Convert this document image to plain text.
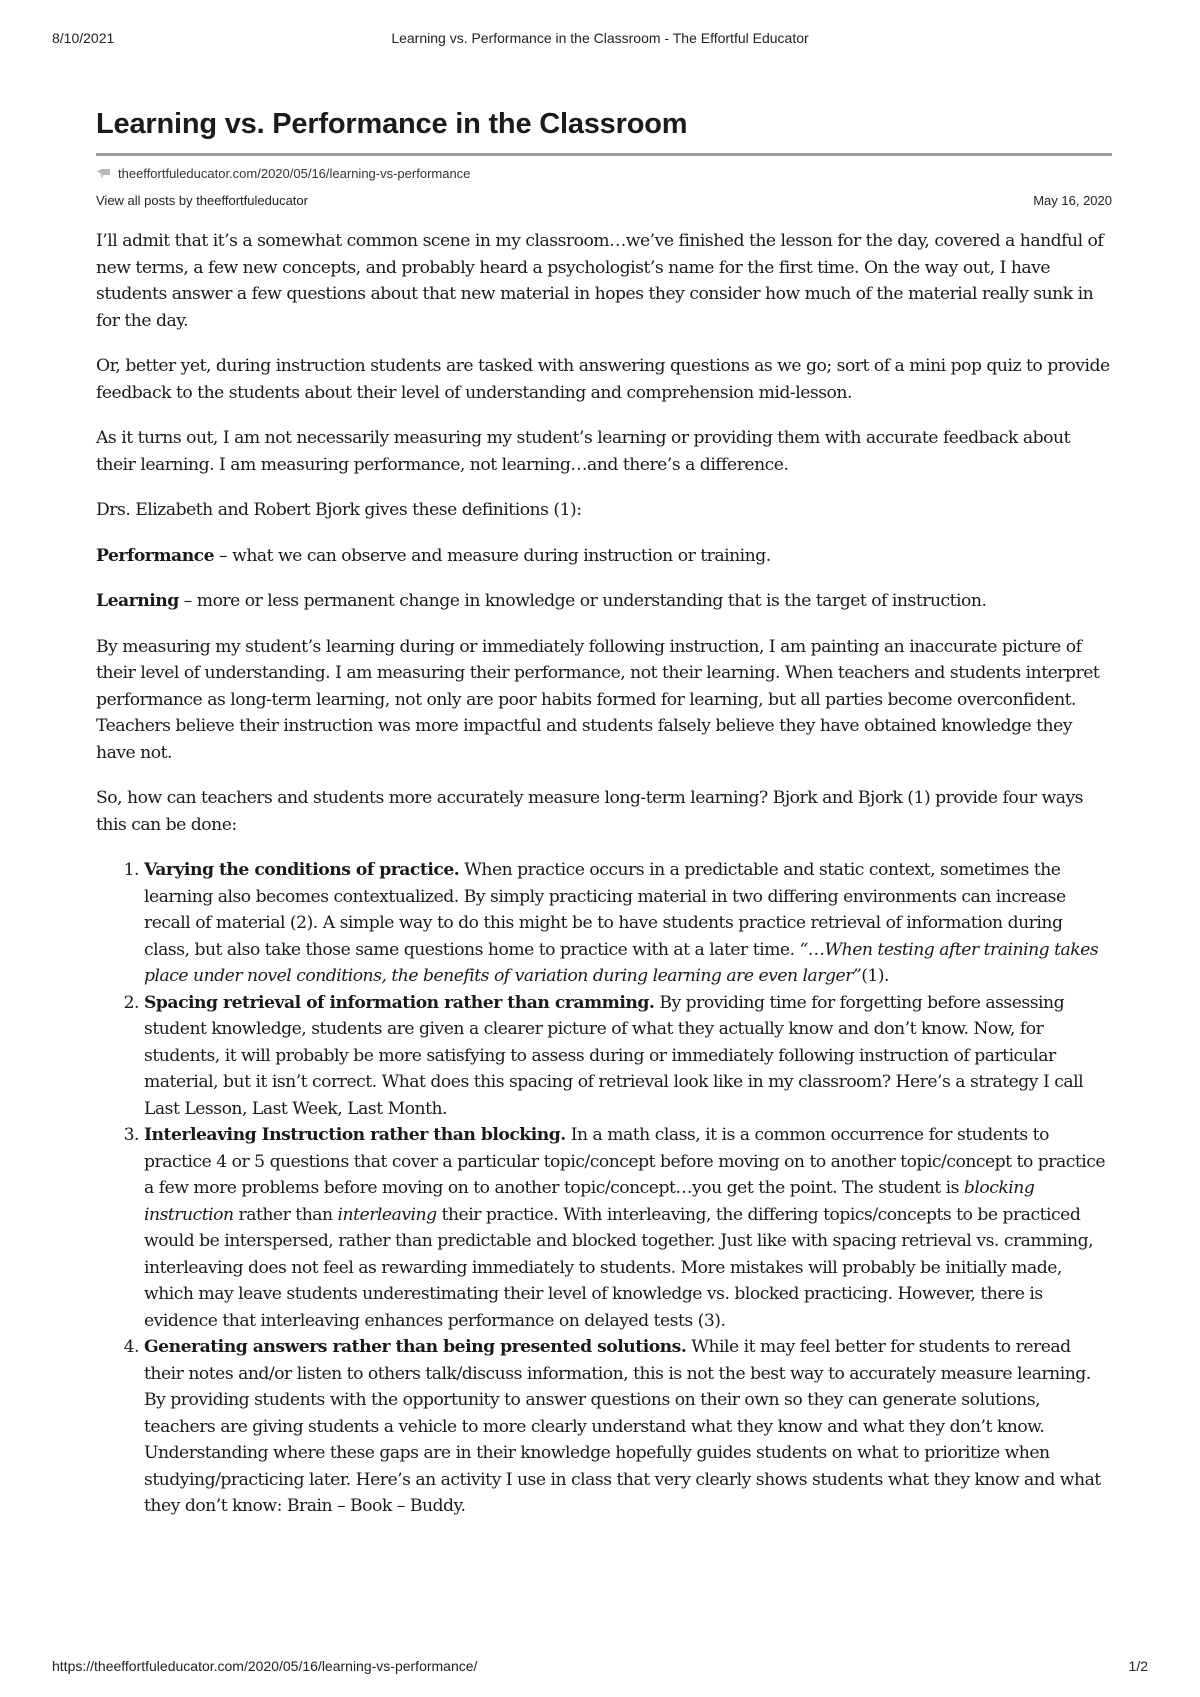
8/10/2021	Learning vs. Performance in the Classroom - The Effortful Educator
Learning vs. Performance in the Classroom
theeffortfuleducator.com/2020/05/16/learning-vs-performance
View all posts by theeffortfuleducator	May 16, 2020

I’ll admit that it’s a somewhat common scene in my classroom…we’ve finished the lesson for the day, covered a handful of new terms, a few new concepts, and probably heard a psychologist’s name for the first time. On the way out, I have students answer a few questions about that new material in hopes they consider how much of the material really sunk in for the day.

Or, better yet, during instruction students are tasked with answering questions as we go; sort of a mini pop quiz to provide feedback to the students about their level of understanding and comprehension mid-lesson.

As it turns out, I am not necessarily measuring my student’s learning or providing them with accurate feedback about their learning. I am measuring performance, not learning…and there’s a difference.

Drs. Elizabeth and Robert Bjork gives these definitions (1):

Performance – what we can observe and measure during instruction or training.

Learning – more or less permanent change in knowledge or understanding that is the target of instruction.

By measuring my student’s learning during or immediately following instruction, I am painting an inaccurate picture of their level of understanding. I am measuring their performance, not their learning. When teachers and students interpret performance as long-term learning, not only are poor habits formed for learning, but all parties become overconfident. Teachers believe their instruction was more impactful and students falsely believe they have obtained knowledge they have not.

So, how can teachers and students more accurately measure long-term learning? Bjork and Bjork (1) provide four ways this can be done:

1. Varying the conditions of practice. When practice occurs in a predictable and static context, sometimes the learning also becomes contextualized. By simply practicing material in two differing environments can increase recall of material (2). A simple way to do this might be to have students practice retrieval of information during class, but also take those same questions home to practice with at a later time. “…When testing after training takes place under novel conditions, the benefits of variation during learning are even larger”(1).
2. Spacing retrieval of information rather than cramming. By providing time for forgetting before assessing student knowledge, students are given a clearer picture of what they actually know and don’t know. Now, for students, it will probably be more satisfying to assess during or immediately following instruction of particular material, but it isn’t correct. What does this spacing of retrieval look like in my classroom? Here’s a strategy I call Last Lesson, Last Week, Last Month.
3. Interleaving Instruction rather than blocking. In a math class, it is a common occurrence for students to practice 4 or 5 questions that cover a particular topic/concept before moving on to another topic/concept to practice a few more problems before moving on to another topic/concept…you get the point. The student is blocking instruction rather than interleaving their practice. With interleaving, the differing topics/concepts to be practiced would be interspersed, rather than predictable and blocked together. Just like with spacing retrieval vs. cramming, interleaving does not feel as rewarding immediately to students. More mistakes will probably be initially made, which may leave students underestimating their level of knowledge vs. blocked practicing. However, there is evidence that interleaving enhances performance on delayed tests (3).
4. Generating answers rather than being presented solutions. While it may feel better for students to reread their notes and/or listen to others talk/discuss information, this is not the best way to accurately measure learning. By providing students with the opportunity to answer questions on their own so they can generate solutions, teachers are giving students a vehicle to more clearly understand what they know and what they don’t know. Understanding where these gaps are in their knowledge hopefully guides students on what to prioritize when studying/practicing later. Here’s an activity I use in class that very clearly shows students what they know and what they don’t know: Brain – Book – Buddy.
https://theeffortfuleducator.com/2020/05/16/learning-vs-performance/	1/2
